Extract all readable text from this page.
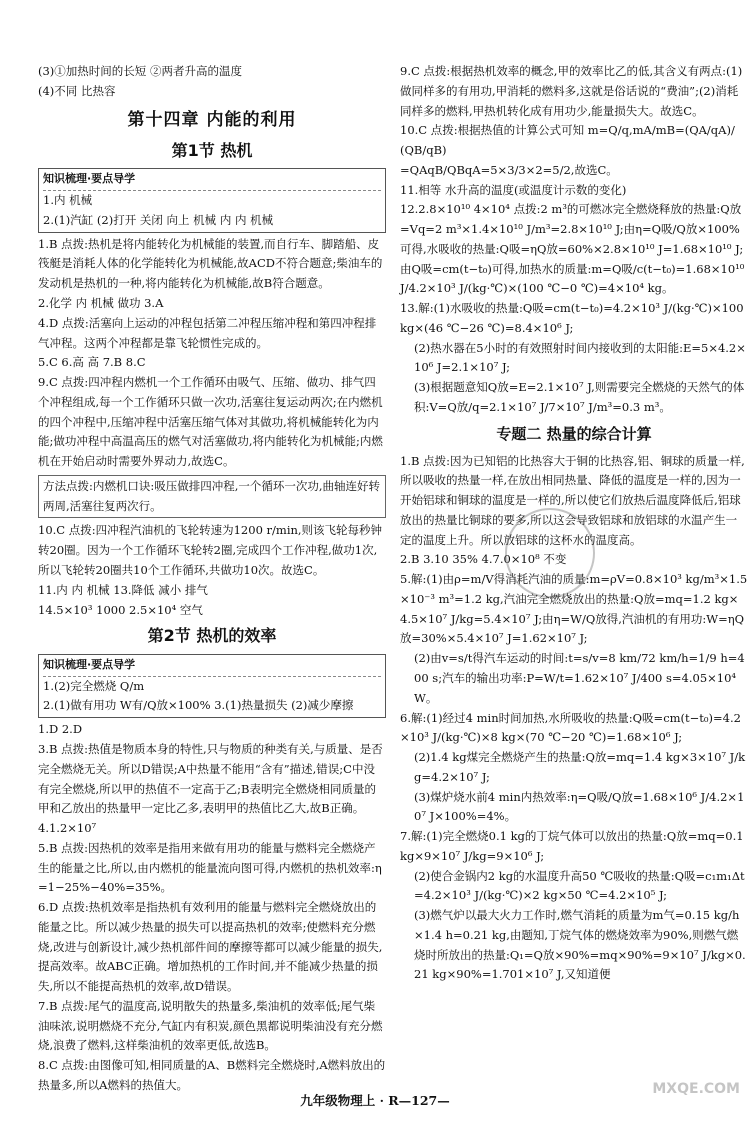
(3)①加热时间的长短 ②两者升高的温度

(4)不同 比热容

第十四章 内能的利用
第1节 热机
知识梳理·要点导学

1.内 机械

2.(1)汽缸 (2)打开 关闭 向上 机械 内 内 机械

1.B 点拨:热机是将内能转化为机械能的装置,而自行车、脚踏船、皮筏艇是消耗人体的化学能转化为机械能,故ACD不符合题意;柴油车的发动机是热机的一种,将内能转化为机械能,故B符合题意。

2.化学 内 机械 做功 3.A

4.D 点拨:活塞向上运动的冲程包括第二冲程压缩冲程和第四冲程排气冲程。这两个冲程都是靠飞轮惯性完成的。

5.C 6.高 高 7.B 8.C

9.C 点拨:四冲程内燃机一个工作循环由吸气、压缩、做功、排气四个冲程组成,每一个工作循环只做一次功,活塞往复运动两次;在内燃机的四个冲程中,压缩冲程中活塞压缩气体对其做功,将机械能转化为内能;做功冲程中高温高压的燃气对活塞做功,将内能转化为机械能;内燃机在开始启动时需要外界动力,故选C。

方法点拨:内燃机口诀:吸压做排四冲程,一个循环一次功,曲轴连好转两周,活塞往复两次行。

10.C 点拨:四冲程汽油机的飞轮转速为1200 r/min,则该飞轮每秒钟转20圈。因为一个工作循环飞轮转2圈,完成四个工作冲程,做功1次,所以飞轮转20圈共10个工作循环,共做功10次。故选C。

11.内 内 机械 13.降低 减小 排气

14.5×10³ 1000 2.5×10⁴ 空气

第2节 热机的效率
知识梳理·要点导学

1.(2)完全燃烧 Q/m

2.(1)做有用功 W有/Q放×100% 3.(1)热量损失 (2)减少摩擦

1.D 2.D

3.B 点拨:热值是物质本身的特性,只与物质的种类有关,与质量、是否完全燃烧无关。所以D错误;A中热量不能用“含有”描述,错误;C中没有完全燃烧,所以甲的热值不一定高于乙;B表明完全燃烧相同质量的甲和乙放出的热量甲一定比乙多,表明甲的热值比乙大,故B正确。

4.1.2×10⁷

5.B 点拨:因热机的效率是指用来做有用功的能量与燃料完全燃烧产生的能量之比,所以,由内燃机的能量流向图可得,内燃机的热机效率:η=1−25%−40%=35%。

6.D 点拨:热机效率是指热机有效利用的能量与燃料完全燃烧放出的能量之比。所以减少热量的损失可以提高热机的效率;使燃料充分燃烧,改进与创新设计,减少热机部件间的摩擦等都可以减少能量的损失,提高效率。故ABC正确。增加热机的工作时间,并不能减少热量的损失,所以不能提高热机的效率,故D错误。

7.B 点拨:尾气的温度高,说明散失的热量多,柴油机的效率低;尾气柴油味浓,说明燃烧不充分,气缸内有积炭,颜色黑都说明柴油没有充分燃烧,浪费了燃料,这样柴油机的效率更低,故选B。

8.C 点拨:由图像可知,相同质量的A、B燃料完全燃烧时,A燃料放出的热量多,所以A燃料的热值大。

9.C 点拨:根据热机效率的概念,甲的效率比乙的低,其含义有两点:(1)做同样多的有用功,甲消耗的燃料多,这就是俗话说的“费油”;(2)消耗同样多的燃料,甲热机转化成有用功少,能量损失大。故选C。

10.C 点拨:根据热值的计算公式可知 m=Q/q,mA/mB=(QA/qA)/(QB/qB)

=QAqB/QBqA=5×3/3×2=5/2,故选C。

11.相等 水升高的温度(或温度计示数的变化)

12.2.8×10¹⁰ 4×10⁴ 点拨:2 m³的可燃冰完全燃烧释放的热量:Q放=Vq=2 m³×1.4×10¹⁰ J/m³=2.8×10¹⁰ J;由η=Q吸/Q放×100%可得,水吸收的热量:Q吸=ηQ放=60%×2.8×10¹⁰ J=1.68×10¹⁰ J;由Q吸=cm(t−t₀)可得,加热水的质量:m=Q吸/c(t−t₀)=1.68×10¹⁰ J/4.2×10³ J/(kg·℃)×(100 ℃−0 ℃)=4×10⁴ kg。

13.解:(1)水吸收的热量:Q吸=cm(t−t₀)=4.2×10³ J/(kg·℃)×100 kg×(46 ℃−26 ℃)=8.4×10⁶ J;

(2)热水器在5小时的有效照射时间内接收到的太阳能:E=5×4.2×10⁶ J=2.1×10⁷ J;

(3)根据题意知Q放=E=2.1×10⁷ J,则需要完全燃烧的天然气的体积:V=Q放/q=2.1×10⁷ J/7×10⁷ J/m³=0.3 m³。

专题二 热量的综合计算

1.B 点拨:因为已知铝的比热容大于铜的比热容,铝、铜球的质量一样,所以吸收的热量一样,在放出相同热量、降低的温度是一样的,因为一开始铝球和铜球的温度是一样的,所以使它们放热后温度降低后,铝球放出的热量比铜球的要多,所以这会导致铝球和放铝球的水温产生一定的温度上升。所以放铝球的这杯水的温度高。

2.B 3.10 35% 4.7.0×10⁸ 不变

5.解:(1)由ρ=m/V得消耗汽油的质量:m=ρV=0.8×10³ kg/m³×1.5×10⁻³ m³=1.2 kg,汽油完全燃烧放出的热量:Q放=mq=1.2 kg×4.5×10⁷ J/kg=5.4×10⁷ J;由η=W/Q放得,汽油机的有用功:W=ηQ放=30%×5.4×10⁷ J=1.62×10⁷ J;

(2)由v=s/t得汽车运动的时间:t=s/v=8 km/72 km/h=1/9 h=400 s;汽车的输出功率:P=W/t=1.62×10⁷ J/400 s=4.05×10⁴ W。

6.解:(1)经过4 min时间加热,水所吸收的热量:Q吸=cm(t−t₀)=4.2×10³ J/(kg·℃)×8 kg×(70 ℃−20 ℃)=1.68×10⁶ J;

(2)1.4 kg煤完全燃烧产生的热量:Q放=mq=1.4 kg×3×10⁷ J/kg=4.2×10⁷ J;

(3)煤炉烧水前4 min内热效率:η=Q吸/Q放=1.68×10⁶ J/4.2×10⁷ J×100%=4%。

7.解:(1)完全燃烧0.1 kg的丁烷气体可以放出的热量:Q放=mq=0.1 kg×9×10⁷ J/kg=9×10⁶ J;

(2)使合金锅内2 kg的水温度升高50 ℃吸收的热量:Q吸=c₁m₁Δt=4.2×10³ J/(kg·℃)×2 kg×50 ℃=4.2×10⁵ J;

(3)燃气炉以最大火力工作时,燃气消耗的质量为m气=0.15 kg/h×1.4 h=0.21 kg,由题知,丁烷气体的燃烧效率为90%,则燃气燃烧时所放出的热量:Q₁=Q放×90%=mq×90%=9×10⁷ J/kg×0.21 kg×90%=1.701×10⁷ J,又知道便

九年级物理上 · R—127—
MXQE.COM
